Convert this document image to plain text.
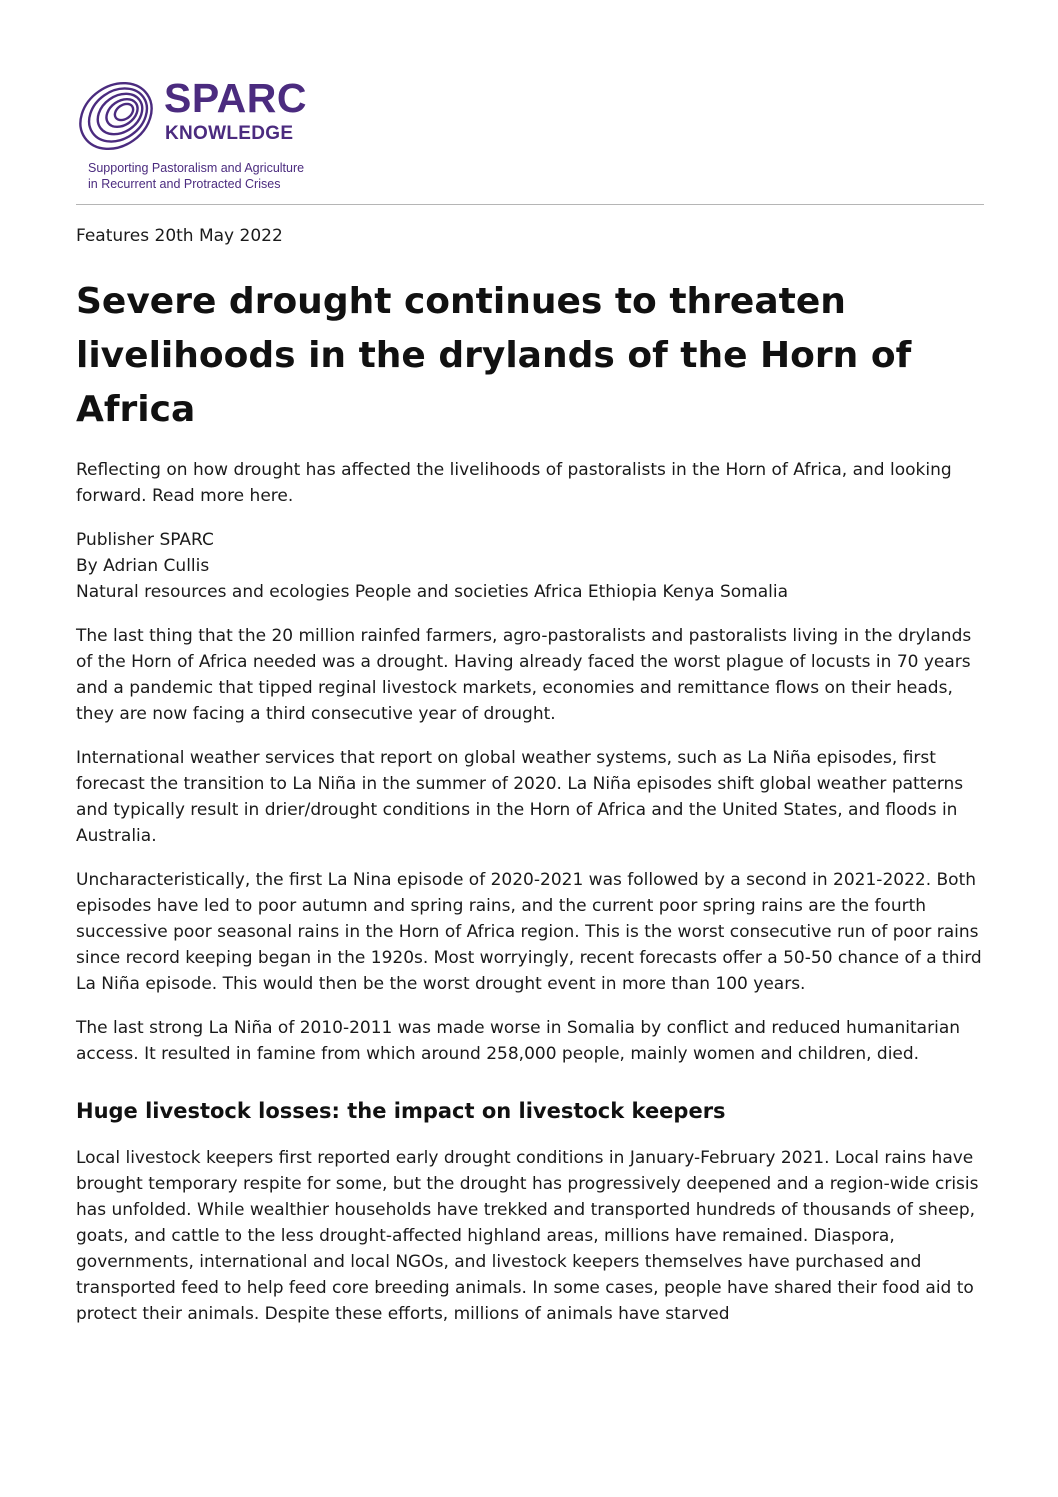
SPARC
KNOWLEDGE
Supporting Pastoralism and Agriculture
in Recurrent and Protracted Crises
Features 20th May 2022
Severe drought continues to threaten livelihoods in the drylands of the Horn of Africa

Reflecting on how drought has affected the livelihoods of pastoralists in the Horn of Africa, and looking forward. Read more here.

Publisher SPARC
By Adrian Cullis
Natural resources and ecologies People and societies Africa Ethiopia Kenya Somalia

The last thing that the 20 million rainfed farmers, agro-pastoralists and pastoralists living in the drylands of the Horn of Africa needed was a drought. Having already faced the worst plague of locusts in 70 years and a pandemic that tipped reginal livestock markets, economies and remittance flows on their heads, they are now facing a third consecutive year of drought.

International weather services that report on global weather systems, such as La Niña episodes, first forecast the transition to La Niña in the summer of 2020. La Niña episodes shift global weather patterns and typically result in drier/drought conditions in the Horn of Africa and the United States, and floods in Australia.

Uncharacteristically, the first La Nina episode of 2020-2021 was followed by a second in 2021-2022. Both episodes have led to poor autumn and spring rains, and the current poor spring rains are the fourth successive poor seasonal rains in the Horn of Africa region. This is the worst consecutive run of poor rains since record keeping began in the 1920s. Most worryingly, recent forecasts offer a 50-50 chance of a third La Niña episode. This would then be the worst drought event in more than 100 years.

The last strong La Niña of 2010-2011 was made worse in Somalia by conflict and reduced humanitarian access. It resulted in famine from which around 258,000 people, mainly women and children, died.

Huge livestock losses: the impact on livestock keepers

Local livestock keepers first reported early drought conditions in January-February 2021. Local rains have brought temporary respite for some, but the drought has progressively deepened and a region-wide crisis has unfolded. While wealthier households have trekked and transported hundreds of thousands of sheep, goats, and cattle to the less drought-affected highland areas, millions have remained. Diaspora, governments, international and local NGOs, and livestock keepers themselves have purchased and transported feed to help feed core breeding animals. In some cases, people have shared their food aid to protect their animals. Despite these efforts, millions of animals have starved
